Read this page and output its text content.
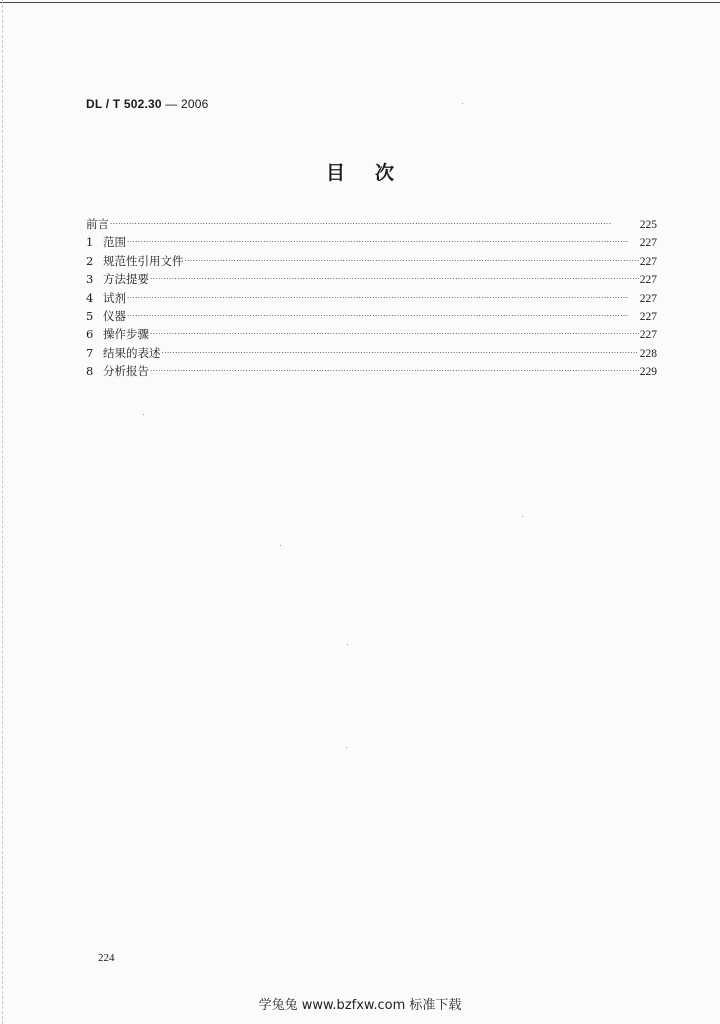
DL / T 502.30 — 2006
目次
前言 ·····	225
1 范围 ·····	227
2 规范性引用文件 ·····	227
3 方法提要 ·····	227
4 试剂 ·····	227
5 仪器 ·····	227
6 操作步骤 ·····	227
7 结果的表述 ·····	228
8 分析报告 ·····	229
224
学兔兔 www.bzfxw.com 标准下载
